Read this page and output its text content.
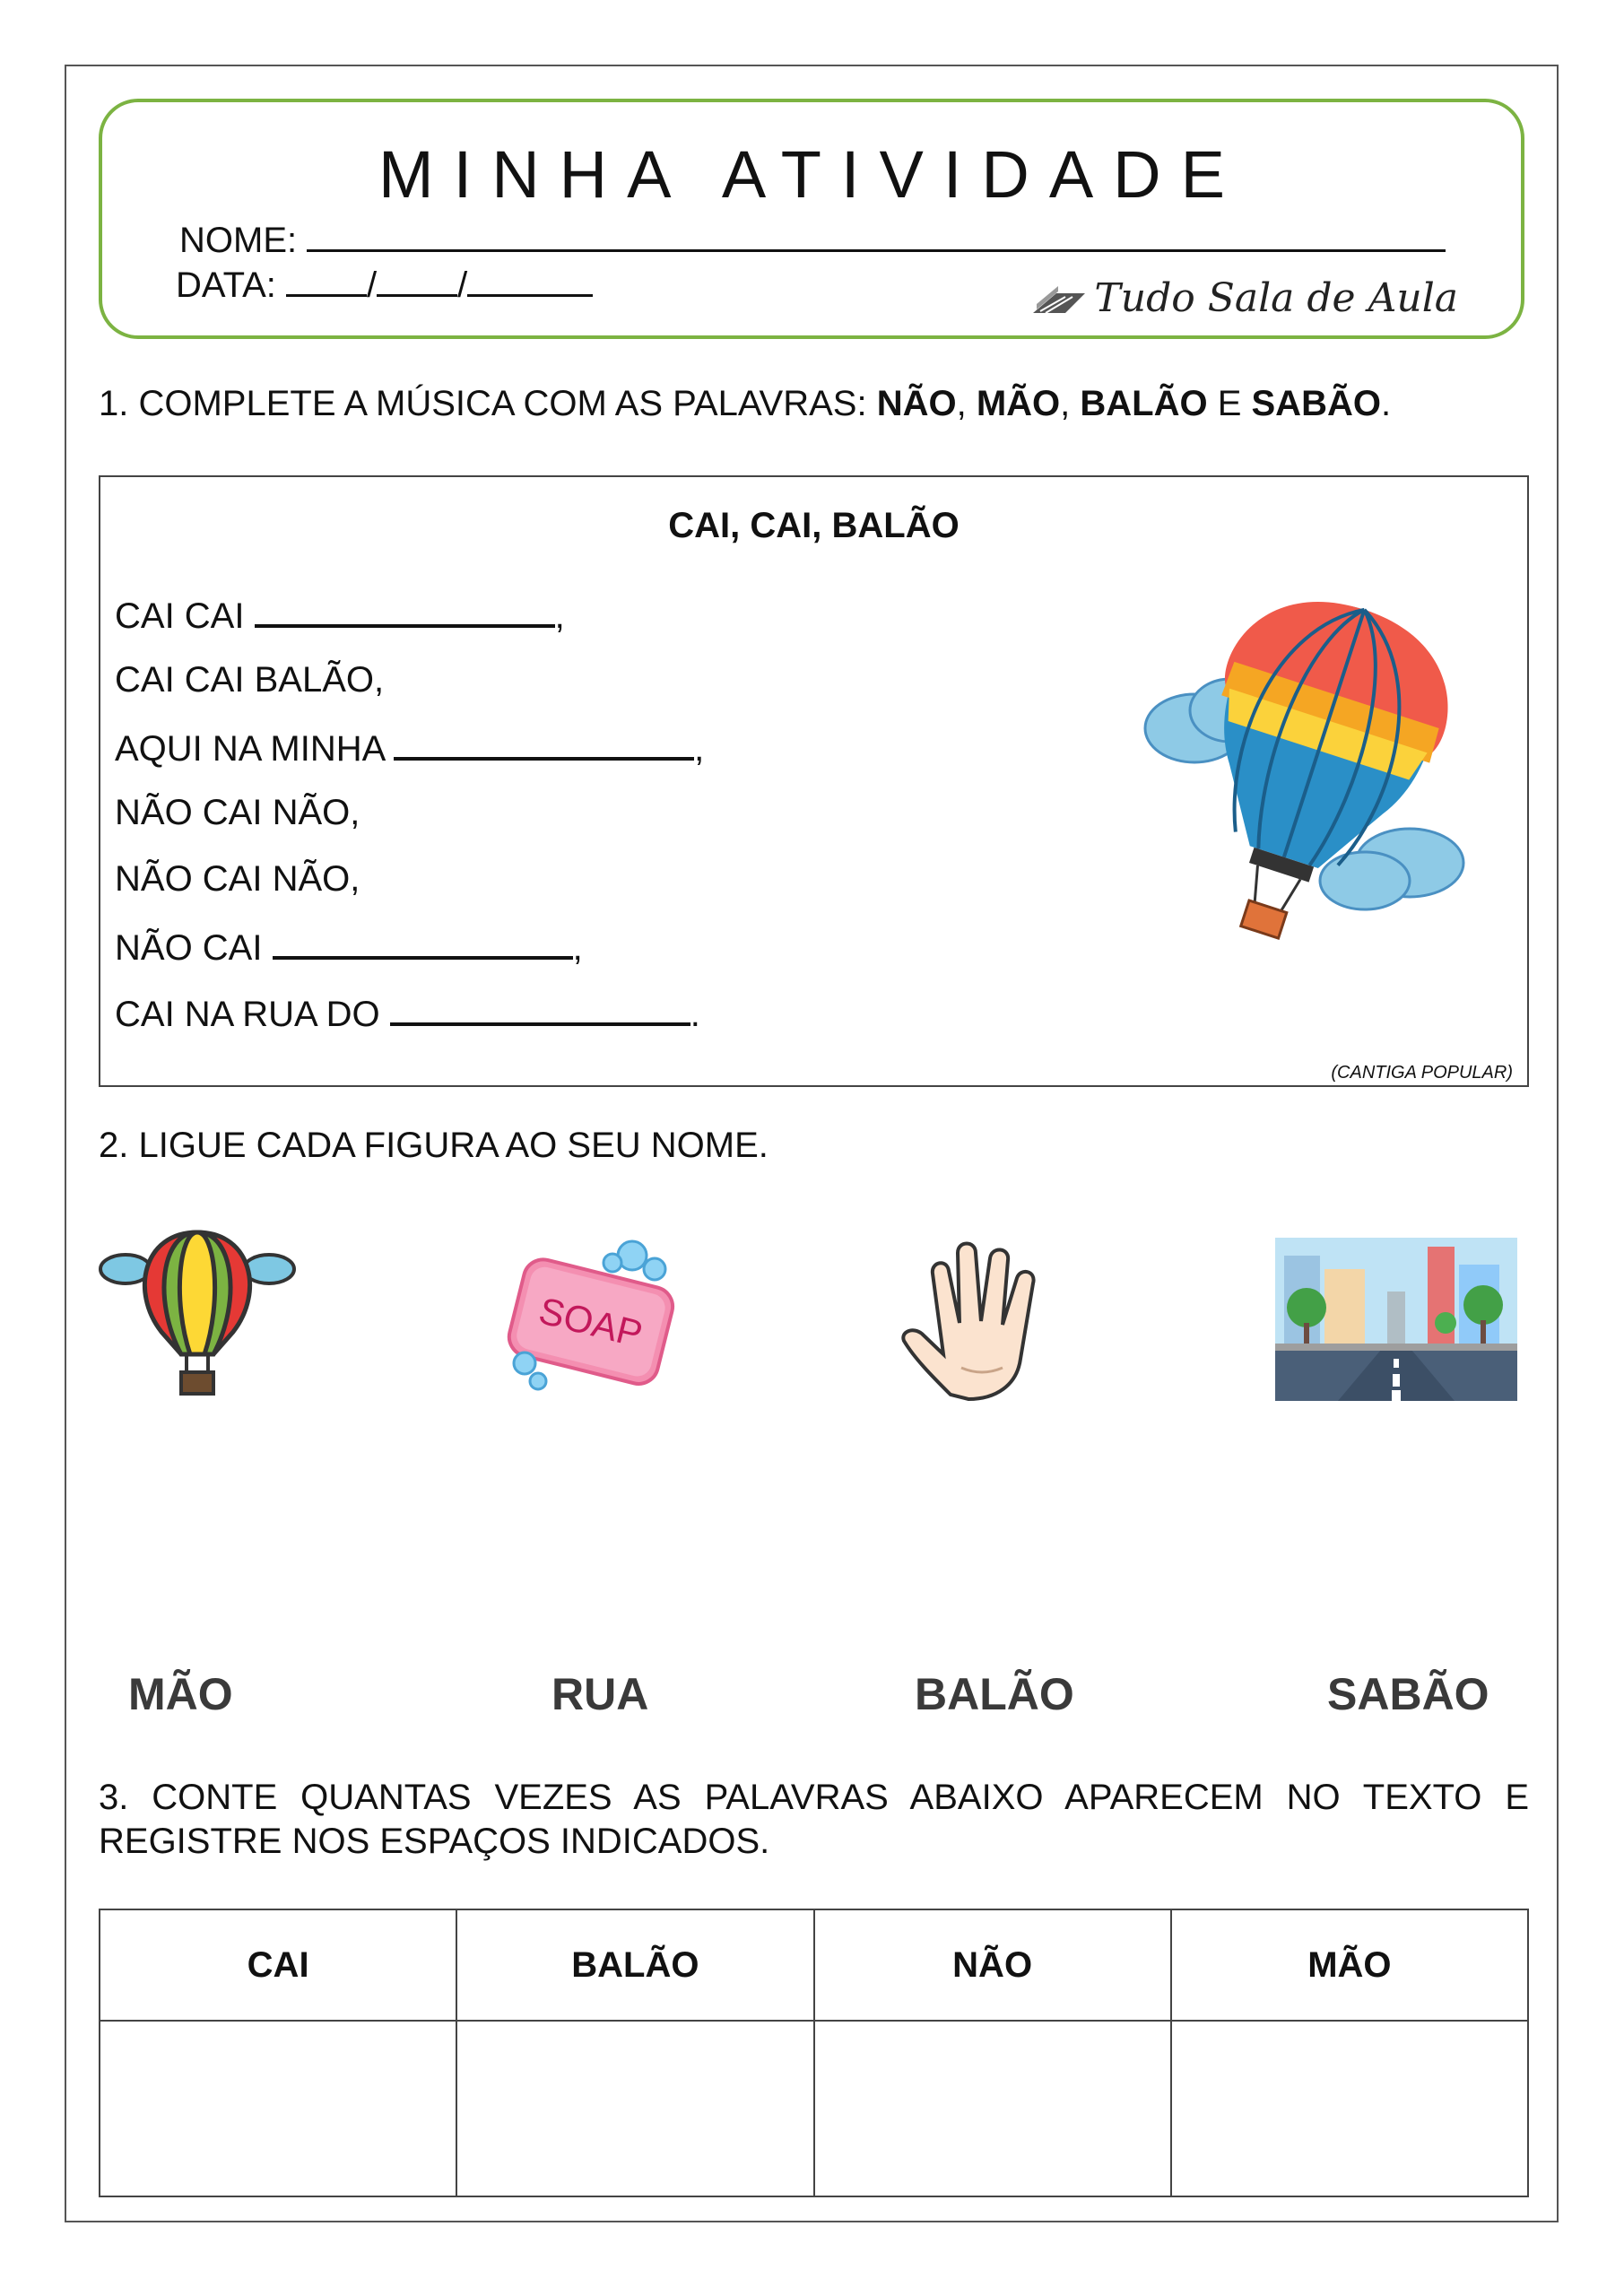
MINHA ATIVIDADE
NOME:
DATA:	/ /	Tudo Sala de Aula
1. COMPLETE A MÚSICA COM AS PALAVRAS: NÃO, MÃO, BALÃO E SABÃO.
CAI, CAI, BALÃO
CAI CAI	,
CAI CAI BALÃO,
AQUI NA MINHA	,
NÃO CAI NÃO,
NÃO CAI NÃO,
NÃO CAI	,
CAI NA RUA DO	.
(CANTIGA POPULAR)
2. LIGUE CADA FIGURA AO SEU NOME.
SOAP
MÃO	RUA	BALÃO	SABÃO
3. CONTE QUANTAS VEZES AS PALAVRAS ABAIXO APARECEM NO TEXTO E
REGISTRE NOS ESPAÇOS INDICADOS.
CAI	BALÃO	NÃO	MÃO
